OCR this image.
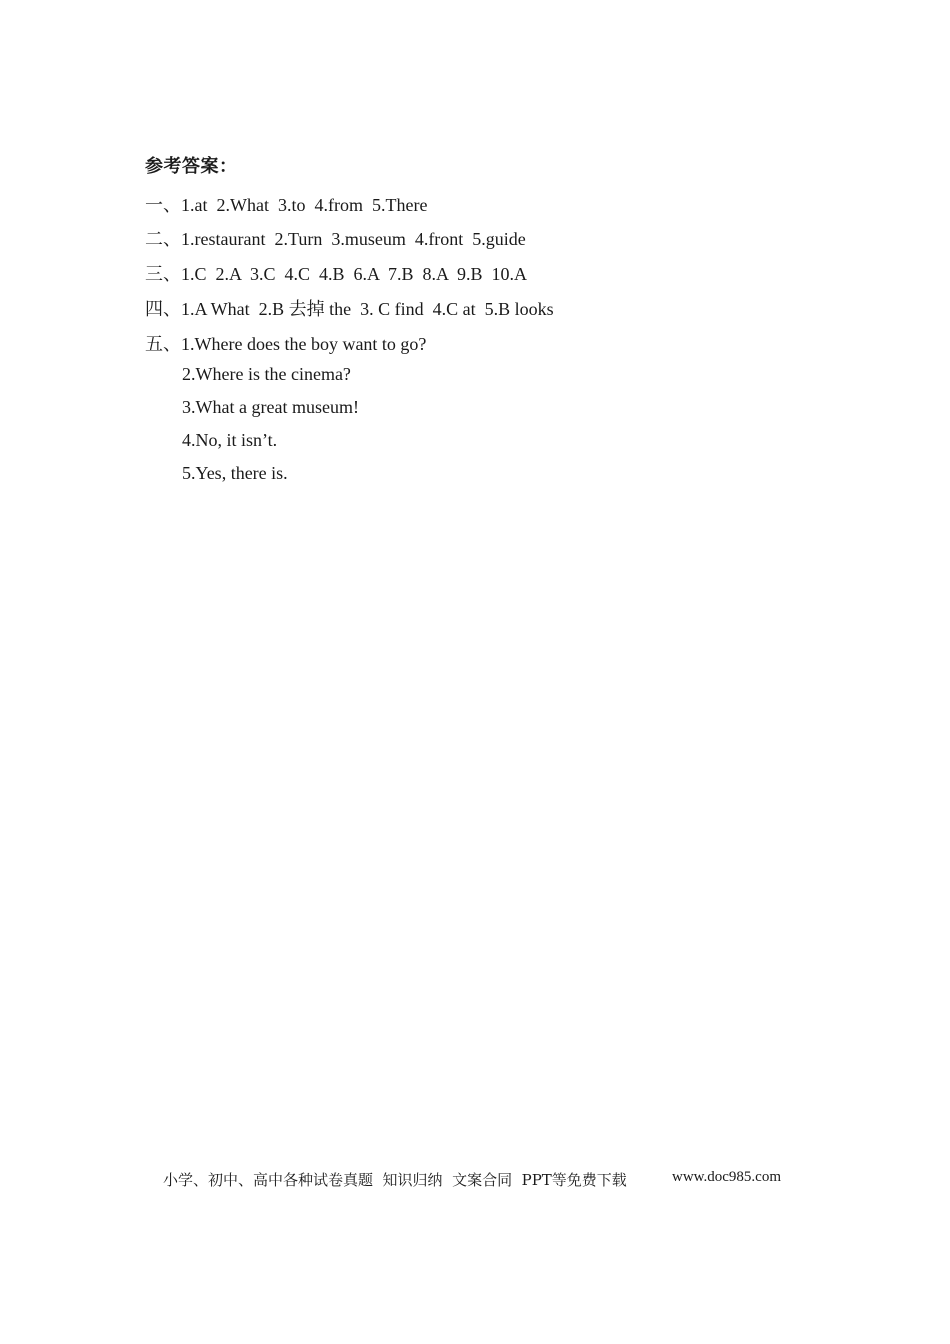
参考答案：
一、1.at  2.What  3.to  4.from  5.There
二、1.restaurant  2.Turn  3.museum  4.front  5.guide
三、1.C  2.A  3.C  4.C  4.B  6.A  7.B  8.A  9.B  10.A
四、1.A What  2.B 去掉 the  3. C find  4.C at  5.B looks
五、1.Where does the boy want to go?
2.Where is the cinema?
3.What a great museum!
4.No, it isn’t.
5.Yes, there is.
小学、初中、高中各种试卷真题  知识归纳  文案合同  PPT等免费下载	www.doc985.com
